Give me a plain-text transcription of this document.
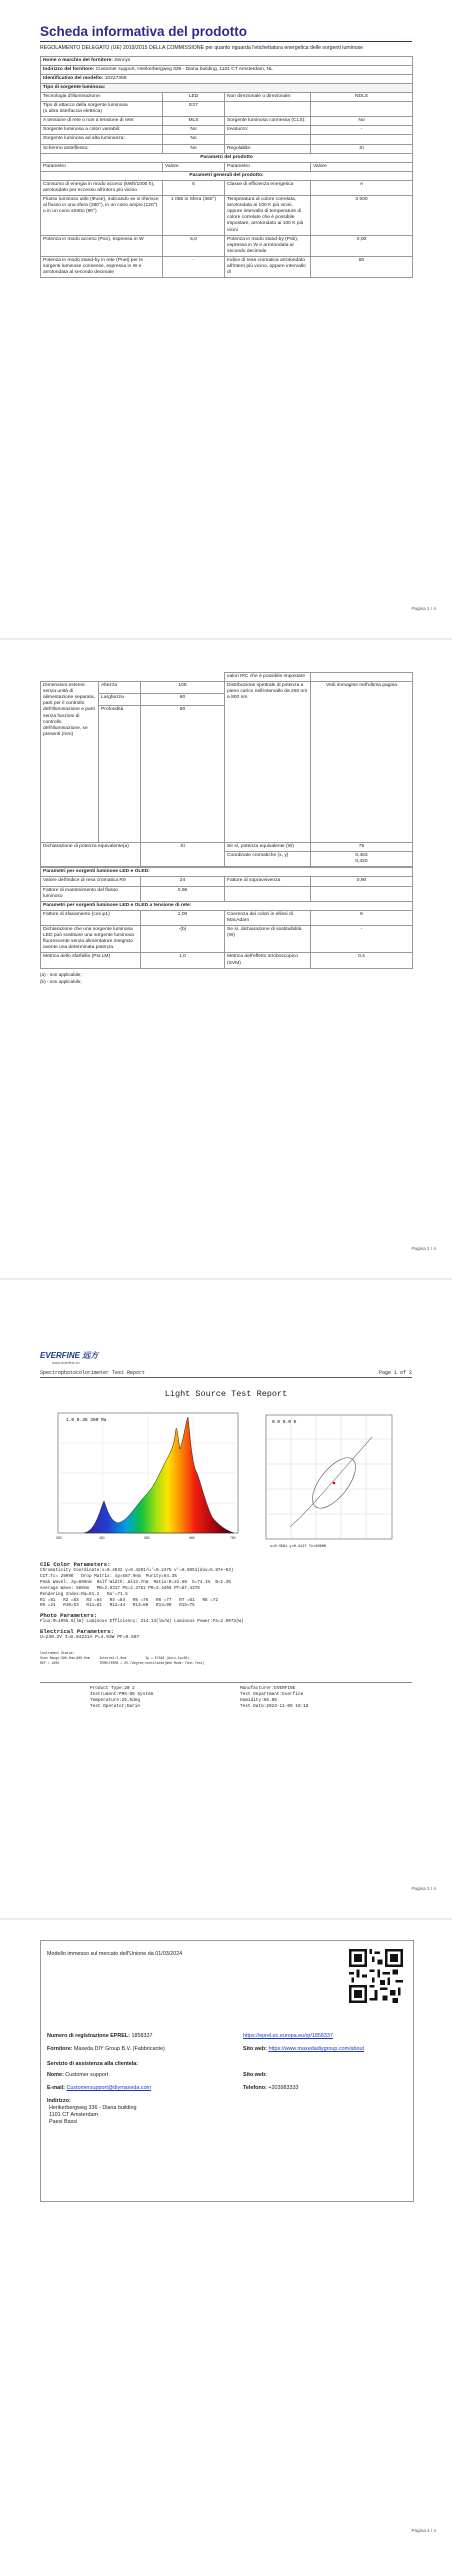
Scheda informativa del prodotto

REGOLAMENTO DELEGATO (UE) 2019/2015 DELLA COMMISSIONE per quanto riguarda l'etichettatura energetica delle sorgenti luminose

Nome o marchio del fornitore: Sencys			
Indirizzo del fornitore: Customer support, Herikerbergweg 336 - Diana building, 1101 CT Amsterdam, NL			
Identificativo del modello: 10227358			
Tipo di sorgente luminosa:			
Tecnologia d'illuminazione:	LED	Non direzionale o direzionale:	NDLS
Tipo di attacco della sorgente luminosa
(o altra interfaccia elettrica)	E27		
A tensione di rete o non a tensione di rete:	MLS	Sorgente luminosa connessa (CLS):	No
Sorgente luminosa a colori variabili:	No	Involucro:	-
Sorgente luminosa ad alta luminanza:	No		
Schermo antiriflesso:	No	Regolabile:	Sì
Parametri del prodotto			
Parametro	Valore	Parametro	Valore
Parametri generali del prodotto:			
Consumo di energia in modo acceso (kWh/1000 h), arrotondato per eccesso all'intero più vicino	5	Classe di efficienza energetica	A
Flusso luminoso utile (Φuse), indicando se si riferisce al flusso in una sfera (360°), in un cono ampio (120°) o in un cono stretto (90°)	1 055 in Sfera (360°)	Temperatura di colore correlata, arrotondata ai 100 K più vicini, oppure intervallo di temperature di colore correlate che è possibile impostare, arrotondato ai 100 K più vicini	3 000
Potenza in modo acceso (Pon), espressa in W	5,0	Potenza in modo stand-by (Psb), espressa in W e arrotondata al secondo decimale	0,00
Potenza in modo stand-by in rete (Pnet) per le sorgenti luminose connesse, espressa in W e arrotondata al secondo decimale	-	Indice di resa cromatica arrotondato all'intero più vicino, oppure intervallo di	80
Pagina 1 / 4
			valori IRC che è possibile impostare	
Dimensioni esterne senza unità di alimentazione separata, parti per il controllo dell'illuminazione e parti senza funzioni di controllo dell'illuminazione, se presenti (mm)	Altezza	105	Distribuzione spettrale di potenza a pieno carico nell'intervallo da 250 nm a 800 nm	Vedi immagine nell'ultima pagina
	Larghezza	60		
	Profondità	60		
Dichiarazione di potenza equivalente(a)		Sì	Se sì, potenza equivalente (W)	75
			Coordinate cromatiche (x, y)	0,463
0,420
Parametri per sorgenti luminose LED e OLED:			
Valore dell'indice di resa cromatica R9	24	Fattore di sopravvivenza	0,90
Fattore di mantenimento del flusso luminoso	0,96		
Parametri per sorgenti luminose LED e OLED a tensione di rete:			
Fattore di sfasamento (cos φ1)	1,00	Coerenza dei colori in ellissi di MacAdam	6
Dichiarazione che una sorgente luminosa LED può sostituire una sorgente luminosa fluorescente senza alimentatore integrato avente una determinata potenza.	-(b)	Se sì, dichiarazione di sostituibilità (W)	-
Metrica dello sfarfallio (Pst LM)	1,0	Metrica dell'effetto stroboscopico (SVM)	0,4
(a) - non applicabile;
(b) - non applicabile;
Pagina 2 / 4
EVERFINE 远方
www.everfine.cn
Spectrophotocolorimeter Test Report	Page 1 of 2
Light Source Test Report
1.0 0.36 300 Ra
380	480	580	680	780
0.0 0.0 K
x=0.4581 y=0.4127 Tc=3000K
CIE Color Parameters:
Chromaticity Coordinate:x=0.4632 y=0.4201/u'=0.2475 v'=0.5051(duv=5.87e-03)
CCT:Tc= 2999K   Drop Matrix: λp=587.0nm  Purity=64.3%
Peak Wavel: λp=600nm  Half Width: Δλ13.7nm  Ratio:R=22.6%  G=74.1%  B=1.3%
Average Wave: 589nm   PB=2.9317 PG=2.3761 PR=3.4456 PT=87.4376
Rendering Index:Ra=81.2   Ra'=71.5
R1 =81   R2 =83   R3 =84   R4 =84   R5 =76   R6 =77   R7 =81   R8 =72
R9 =24   R10=53   R11=81   R12=44   R13=80   R14=90   R15=75
Photo Parameters:
Flux:Φ=1055.5(lm) Luminous Efficiency: 214.14(lm/W) Luminous Power:Fe=2.9073(W)
Electrical Parameters:
U=230.2V I=0.04241A P=4.93W PF=0.507
Instrument Status:
Scan Range:380.0nm-800.0nm     Interval:5.0nm          Ip = 57446 (Auto-Ip=60)
REF = 100%                     TERM=TERMS = 25.7degree,ventilated(Web Mode: Fast Test)
Product Type:20 2
Instrument:PMS-80 System
Temperature:25.5deg
Test Operator:Darin
Manufacturer:EVERFINE
Test Department:Everfine
Humidity:65.0%
Test Date:2023-11-09 16:18
Pagina 3 / 4
Modello immesso sul mercato dell'Unione da 01/03/2024
Numero di registrazione EPREL: 1858337	https://eprel.ec.europa.eu/qr/1858337
Fornitore: Maxeda DIY Group B.V. (Fabbricante)	Sito web: https://www.maxedadiygroup.com/about
Servizio di assistenza alla clientela:
Nome: Customer support	Sito web:
E-mail: Customersupport@diymaxeda.com	Telefono: +203983333
Indirizzo:
Herikerbergweg 336 - Diana building
1101 CT Amsterdam
Paesi Bassi
Pagina 4 / 4
